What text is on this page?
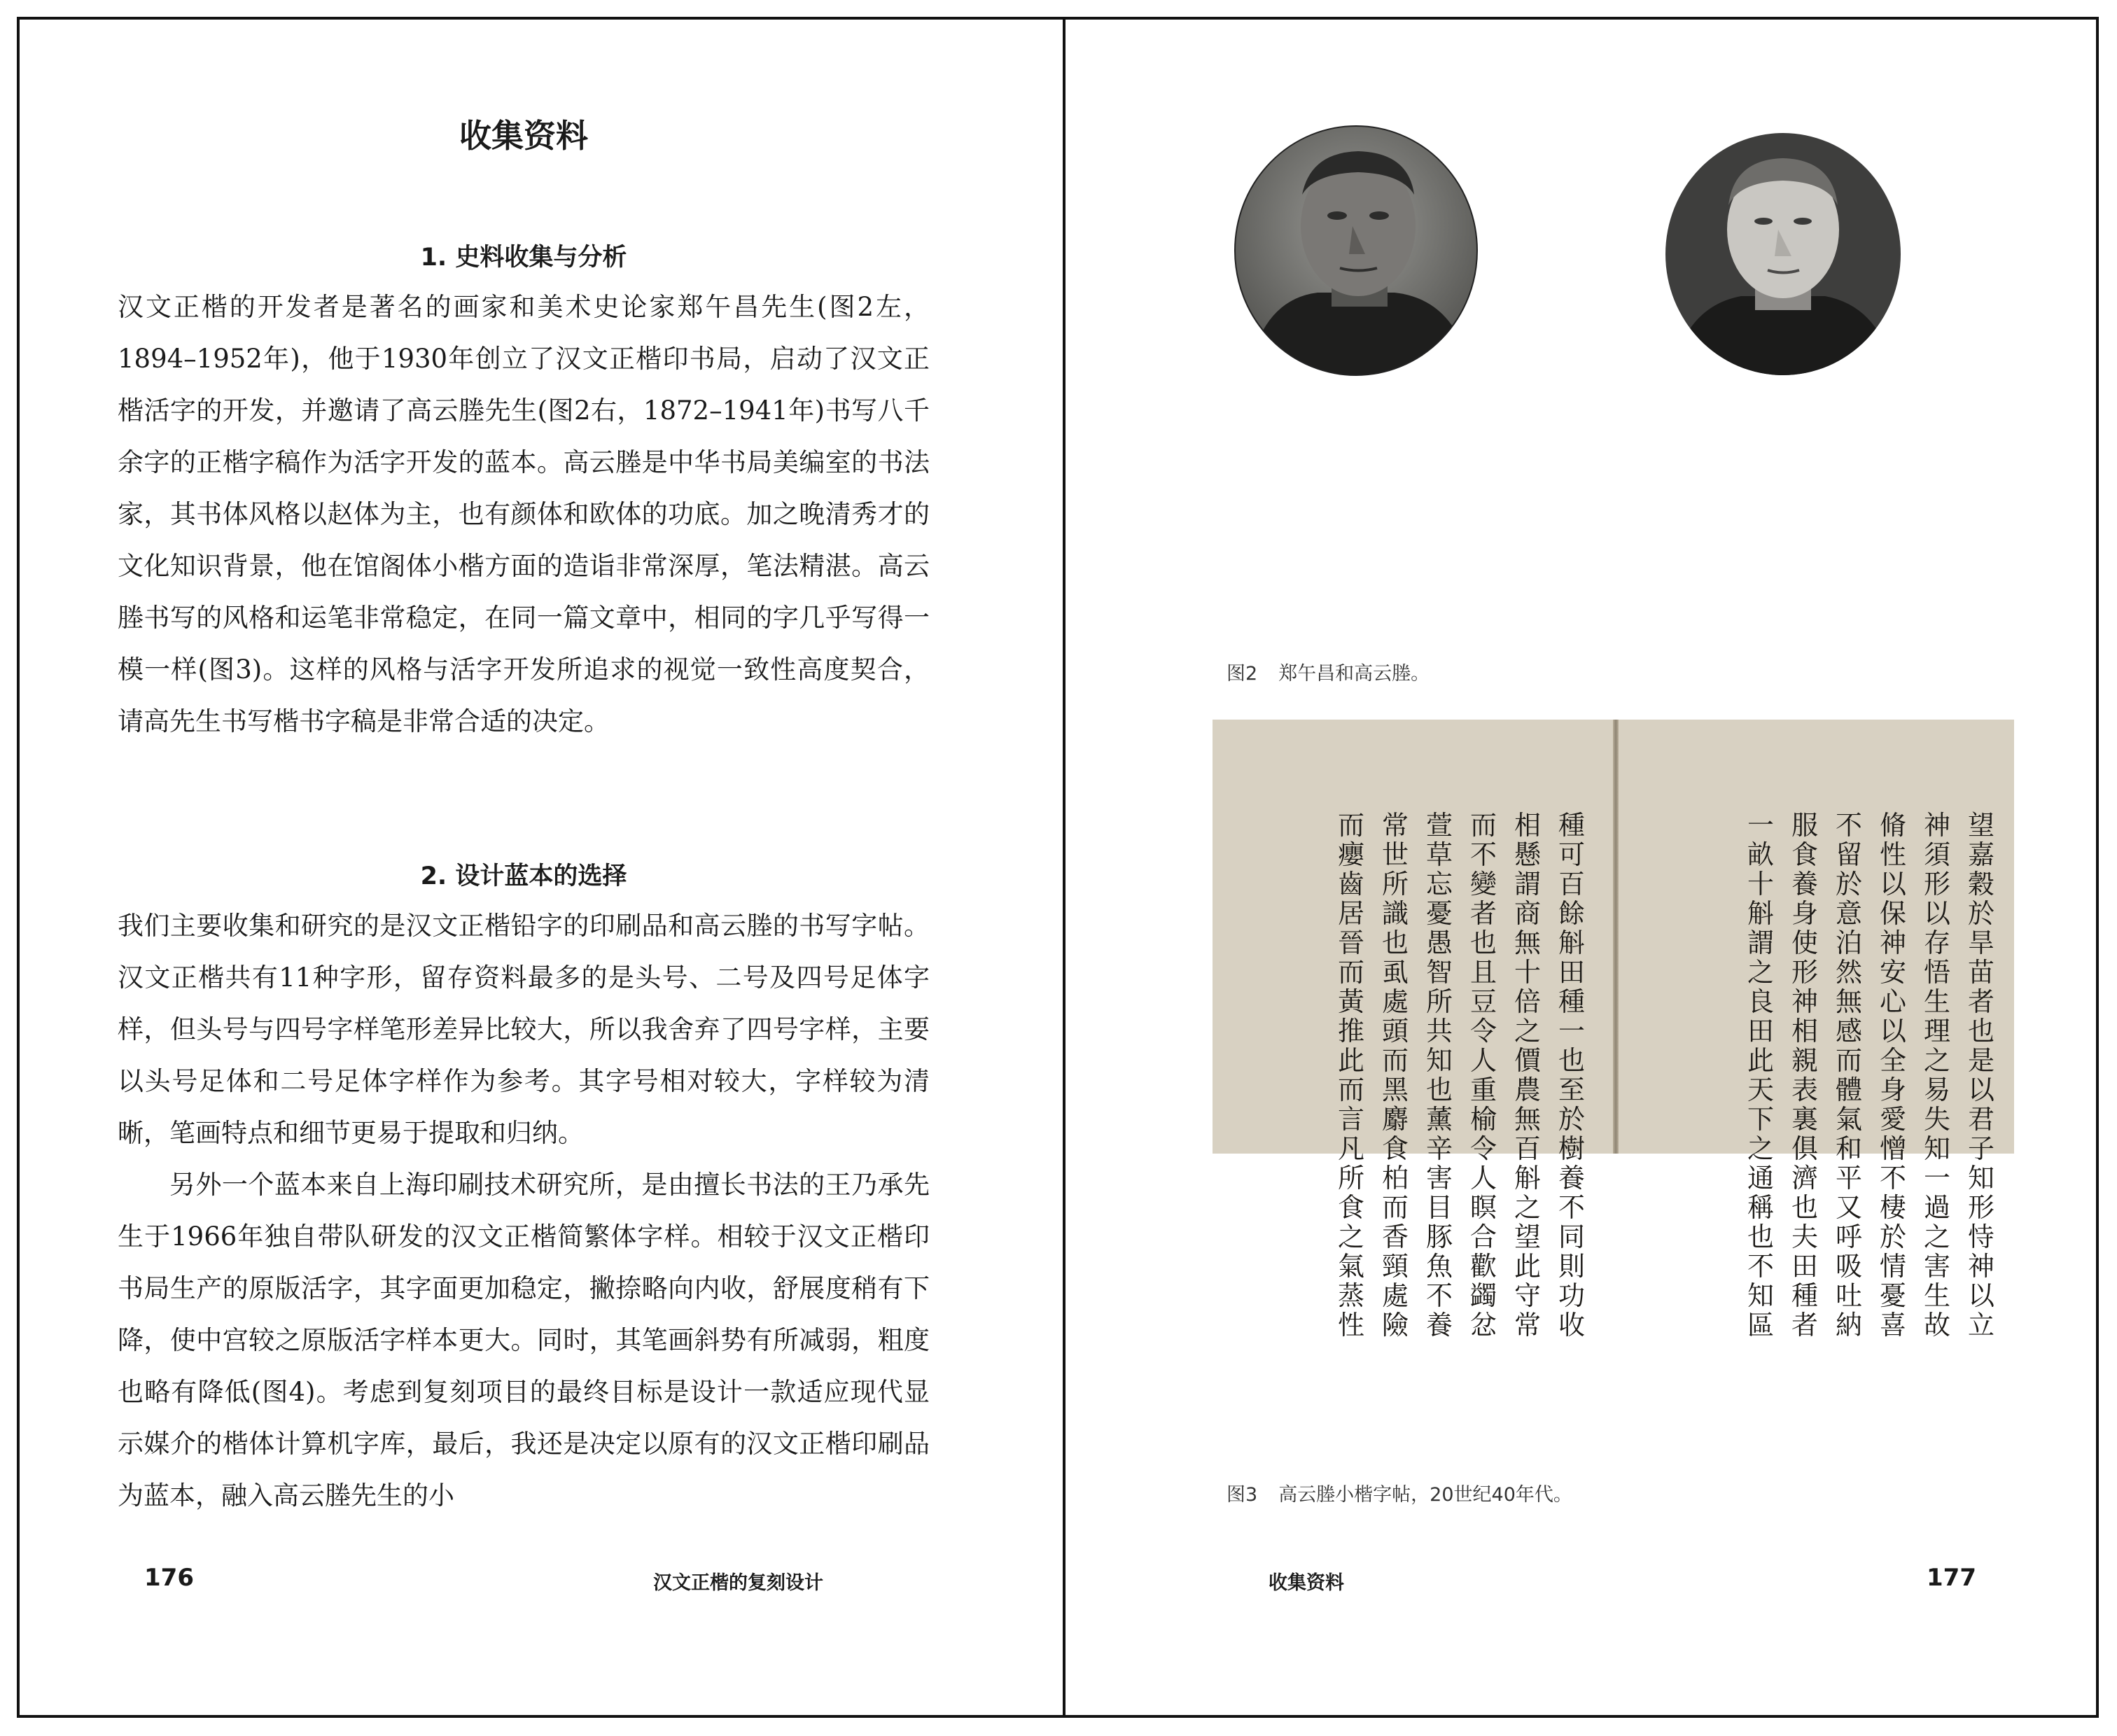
收集资料
1. 史料收集与分析

汉文正楷的开发者是著名的画家和美术史论家郑午昌先生(图2左，1894–1952年)，他于1930年创立了汉文正楷印书局，启动了汉文正楷活字的开发，并邀请了高云塍先生(图2右，1872–1941年)书写八千余字的正楷字稿作为活字开发的蓝本。高云塍是中华书局美编室的书法家，其书体风格以赵体为主，也有颜体和欧体的功底。加之晚清秀才的文化知识背景，他在馆阁体小楷方面的造诣非常深厚，笔法精湛。高云塍书写的风格和运笔非常稳定，在同一篇文章中，相同的字几乎写得一模一样(图3)。这样的风格与活字开发所追求的视觉一致性高度契合，请高先生书写楷书字稿是非常合适的决定。

2. 设计蓝本的选择

我们主要收集和研究的是汉文正楷铅字的印刷品和高云塍的书写字帖。汉文正楷共有11种字形，留存资料最多的是头号、二号及四号足体字样，但头号与四号字样笔形差异比较大，所以我舍弃了四号字样，主要以头号足体和二号足体字样作为参考。其字号相对较大，字样较为清晰，笔画特点和细节更易于提取和归纳。

另外一个蓝本来自上海印刷技术研究所，是由擅长书法的王乃承先生于1966年独自带队研发的汉文正楷简繁体字样。相较于汉文正楷印书局生产的原版活字，其字面更加稳定，撇捺略向内收，舒展度稍有下降，使中宫较之原版活字样本更大。同时，其笔画斜势有所减弱，粗度也略有降低(图4)。考虑到复刻项目的最终目标是设计一款适应现代显示媒介的楷体计算机字库，最后，我还是决定以原有的汉文正楷印刷品为蓝本，融入高云塍先生的小

176	汉文正楷的复刻设计
图2 郑午昌和高云塍。
望嘉穀於旱苗者也是以君子知形恃神以立
神須形以存悟生理之易失知一過之害生故
脩性以保神安心以全身愛憎不棲於情憂喜
不留於意泊然無感而體氣和平又呼吸吐納
服食養身使形神相親表裏俱濟也夫田種者
一畝十斛謂之良田此天下之通稱也不知區
種可百餘斛田種一也至於樹養不同則功收
相懸謂商無十倍之價農無百斛之望此守常
而不變者也且豆令人重榆令人瞑合歡蠲忿
萱草忘憂愚智所共知也薰辛害目豚魚不養
常世所識也虱處頭而黑麝食柏而香頸處險
而癭齒居晉而黃推此而言凡所食之氣蒸性
图3 高云塍小楷字帖，20世纪40年代。
收集资料	177
